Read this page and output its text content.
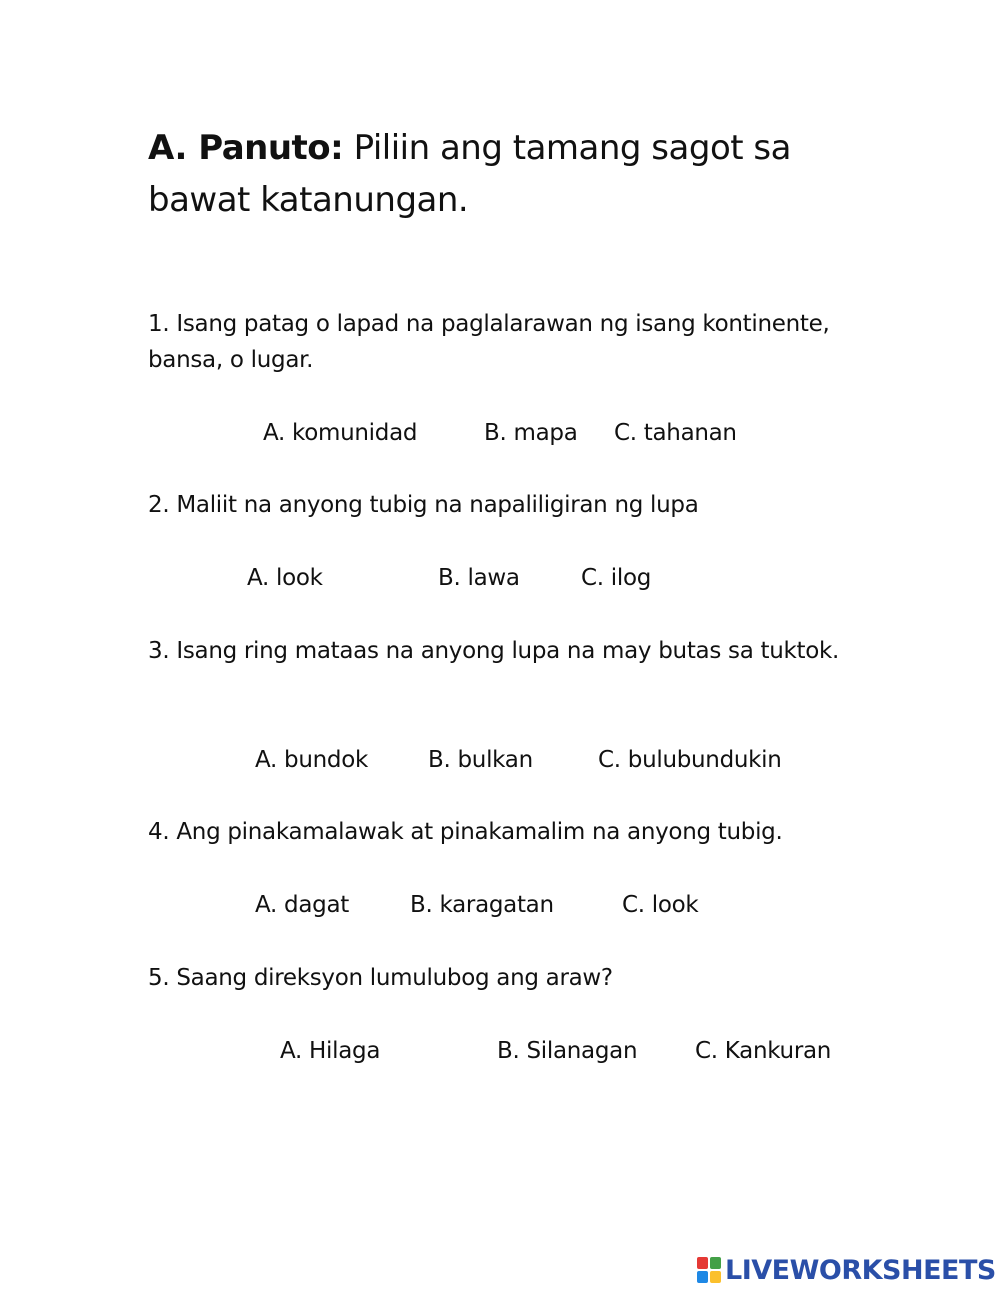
A. Panuto: Piliin ang tamang sagot sa bawat katanungan.
1. Isang patag o lapad na paglalarawan ng isang kontinente, bansa, o lugar.
A. komunidad	B. mapa C. tahanan
2. Maliit na anyong tubig na napaliligiran ng lupa
A. look	B. lawa	C. ilog
3. Isang ring mataas na anyong lupa na may butas sa tuktok.
A. bundok	B. bulkan	C. bulubundukin
4. Ang pinakamalawak at pinakamalim na anyong tubig.
A. dagat	B. karagatan	C. look
5. Saang direksyon lumulubog ang araw?
A. Hilaga	B. Silanagan	C. Kankuran
LIVEWORKSHEETS
